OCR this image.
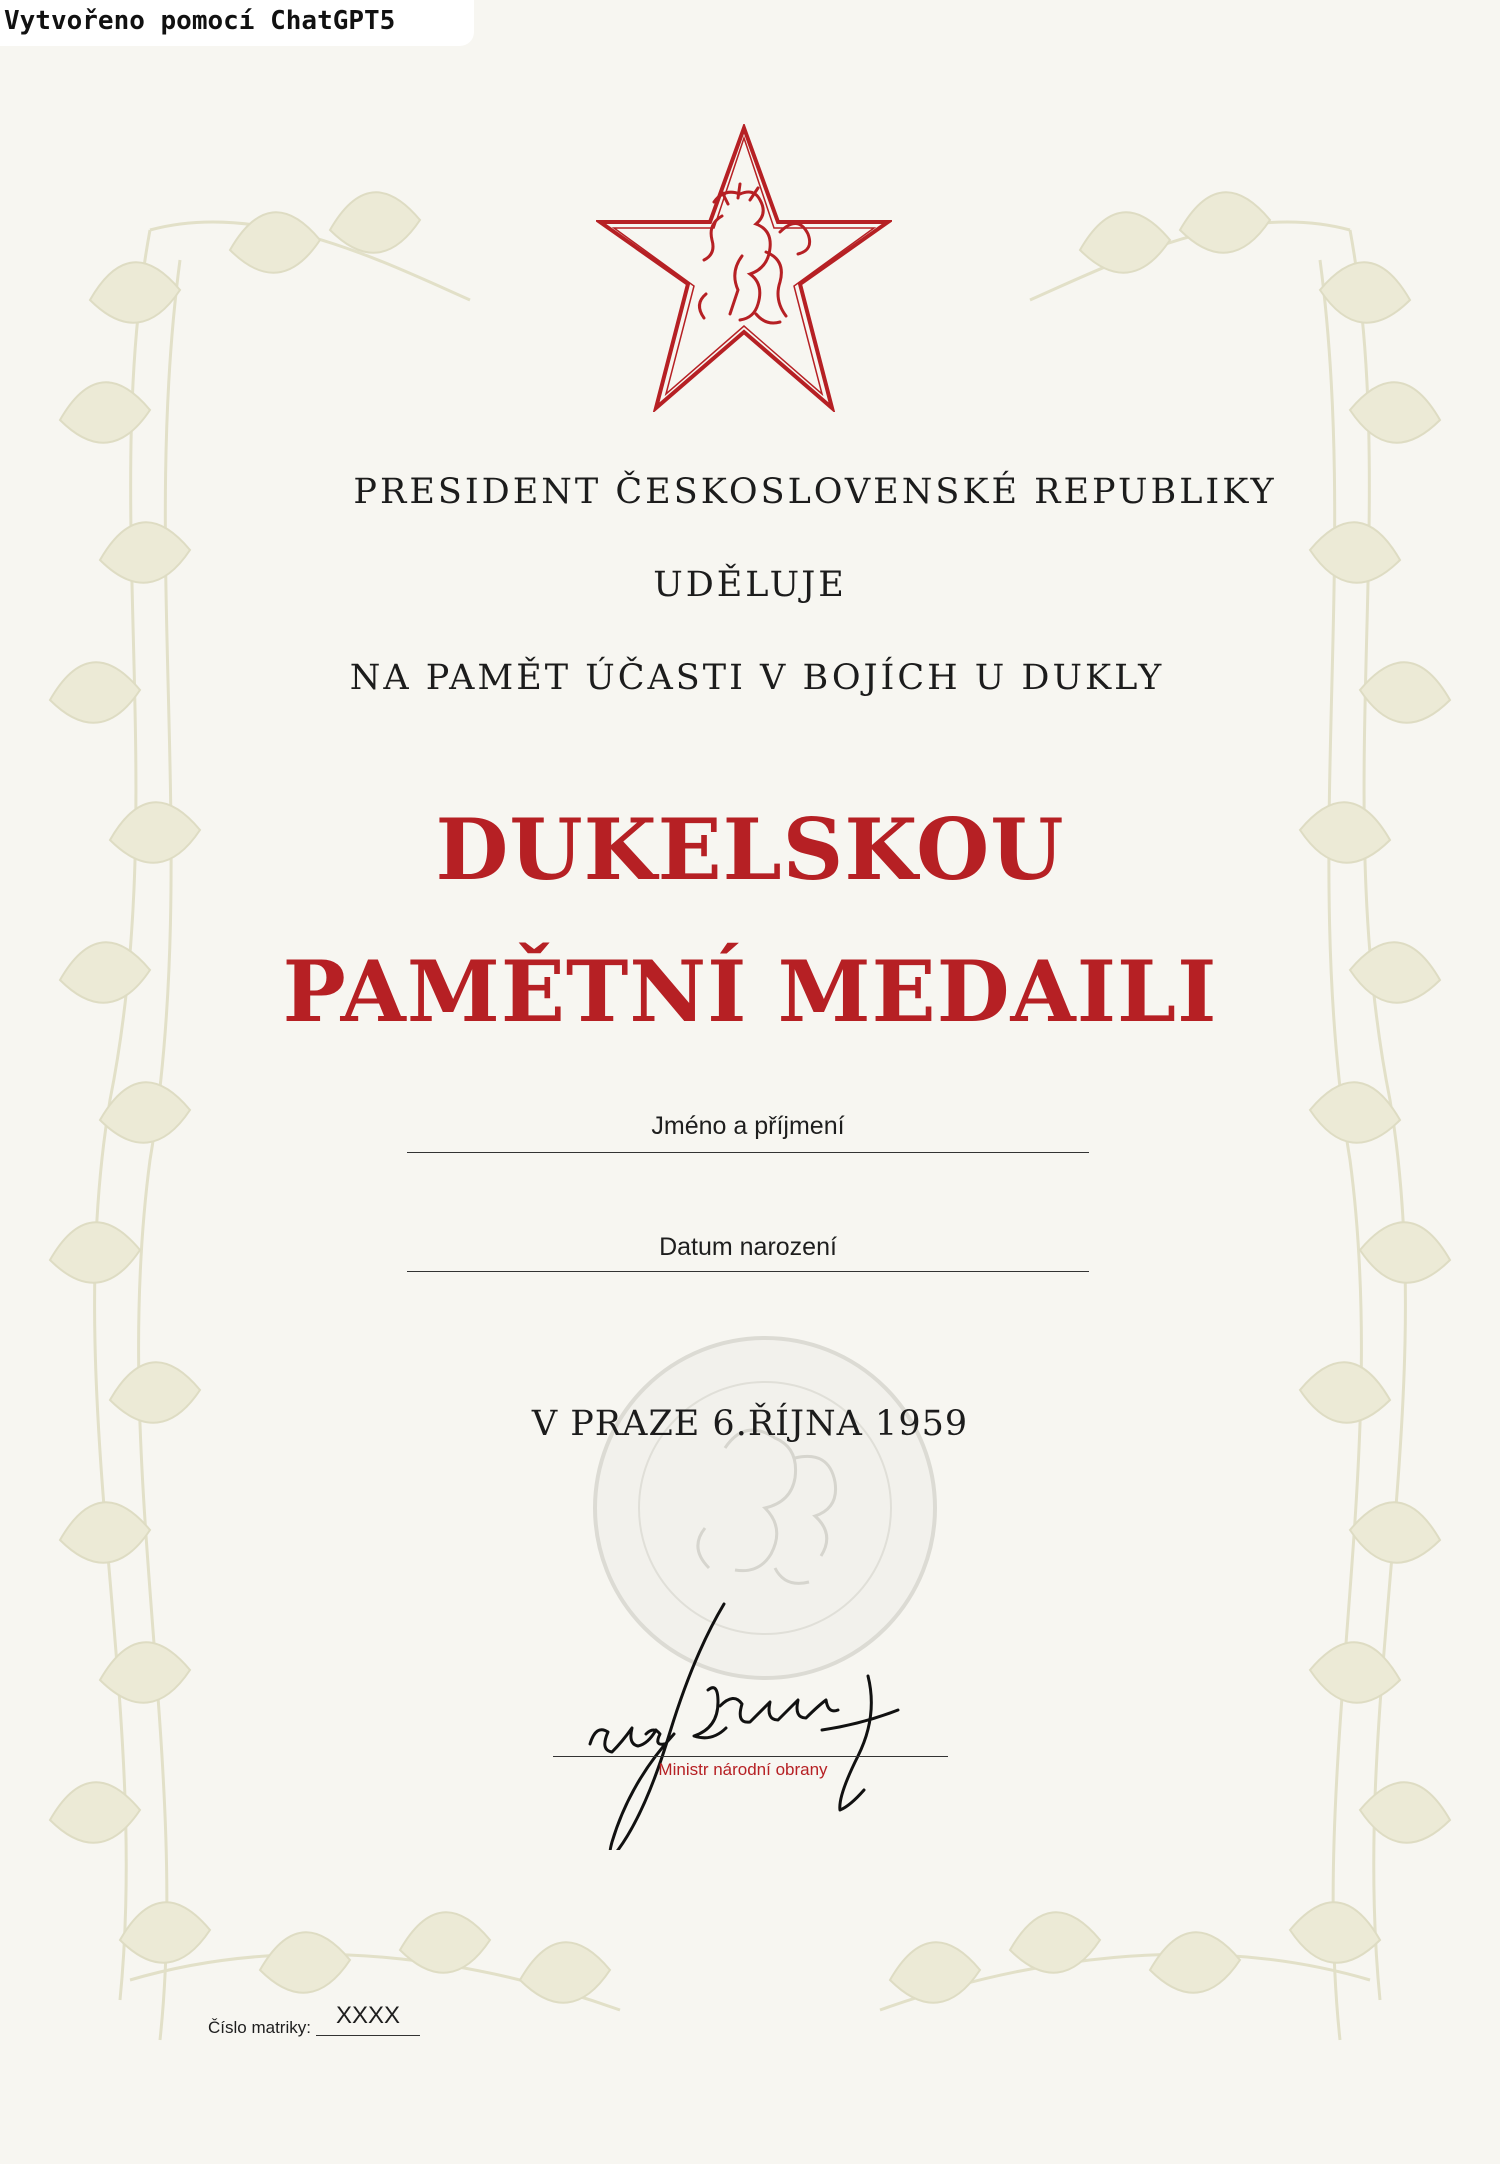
Vytvořeno pomocí ChatGPT5
PRESIDENT ČESKOSLOVENSKÉ REPUBLIKY
UDĚLUJE
NA PAMĚT ÚČASTI V BOJÍCH U DUKLY
DUKELSKOU
PAMĚTNÍ MEDAILI
Jméno a příjmení
Datum narození
V PRAZE 6.ŘÍJNA 1959
Ministr národní obrany
Číslo matriky:	XXXX
